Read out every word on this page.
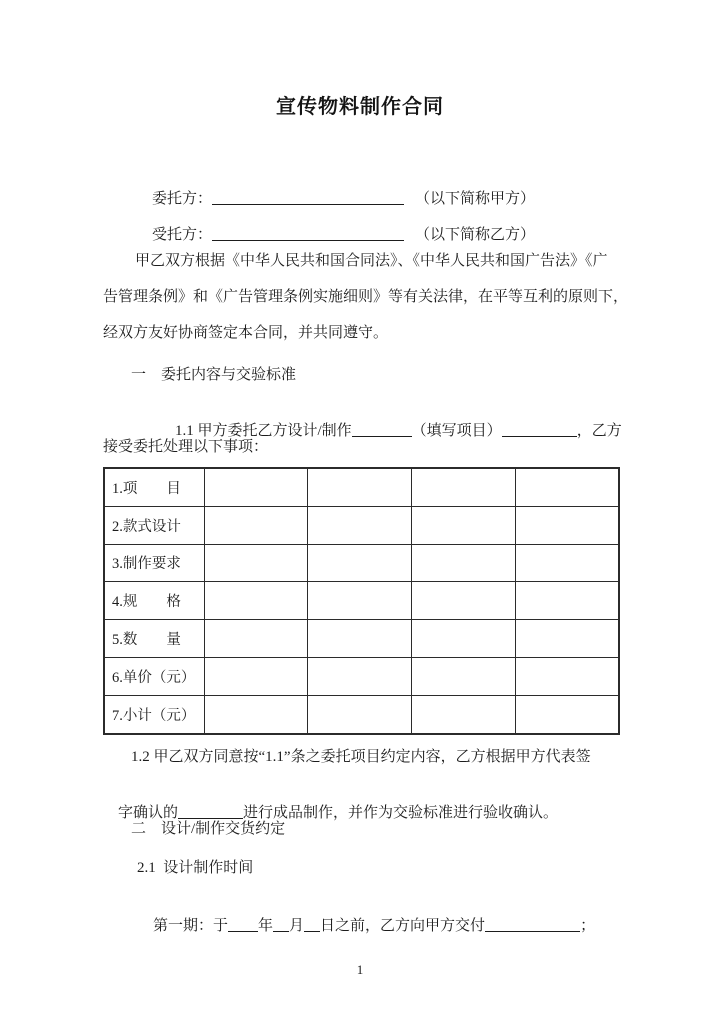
宣传物料制作合同

委托方：	（以下简称甲方）

受托方：	（以下简称乙方）

甲乙双方根据《中华人民共和国合同法》、《中华人民共和国广告法》《广
告管理条例》和《广告管理条例实施细则》等有关法律，在平等互利的原则下，
经双方友好协商签定本合同，并共同遵守。
一　委托内容与交验标准

1.1 甲方委托乙方设计/制作	（填写项目）	，乙方

接受委托处理以下事项：
1.项　　目				
2.款式设计				
3.制作要求				
4.规　　格				
5.数　　量				
6.单价（元）				
7.小计（元）				
1.2 甲乙双方同意按“1.1”条之委托项目约定内容，乙方根据甲方代表签

字确认的	进行成品制作，并作为交验标准进行验收确认。

二　设计/制作交货约定
2.1  设计制作时间

第一期：于 年 月 日之前，乙方向甲方交付	；

1
